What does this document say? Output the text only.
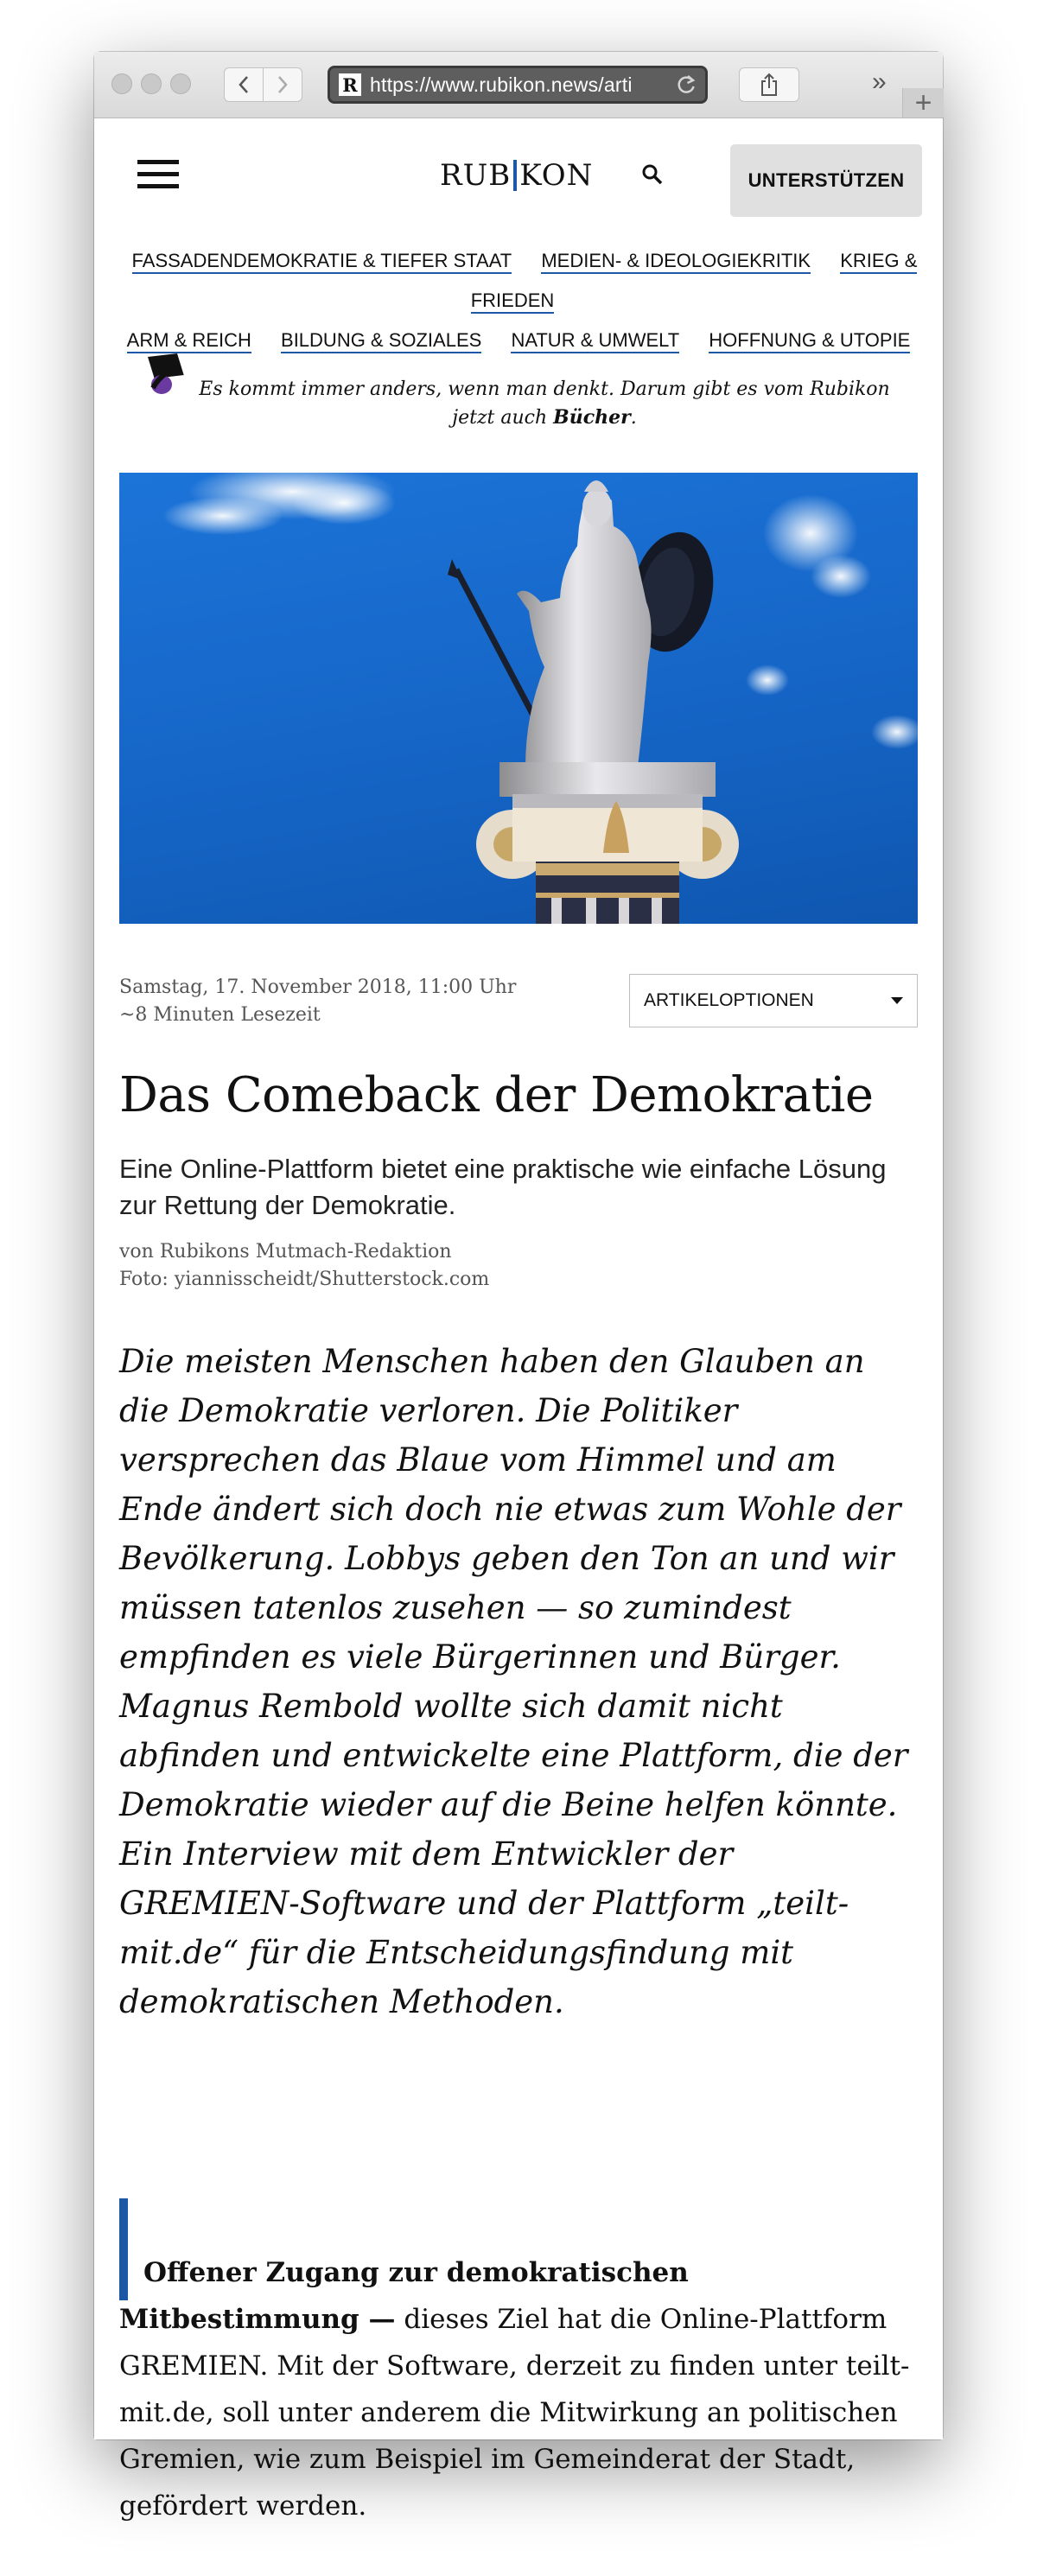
R https://www.rubikon.news/arti	»
+
RUB KON	UNTERSTÜTZEN
FASSADENDEMOKRATIE & TIEFER STAAT MEDIEN- & IDEOLOGIEKRITIK KRIEG & FRIEDEN
ARM & REICH BILDUNG & SOZIALES NATUR & UMWELT HOFFNUNG & UTOPIE
Es kommt immer anders, wenn man denkt. Darum gibt es vom Rubikon jetzt auch Bücher.
Samstag, 17. November 2018, 11:00 Uhr
~8 Minuten Lesezeit
ARTIKELOPTIONEN
Das Comeback der Demokratie
Eine Online-Plattform bietet eine praktische wie einfache Lösung zur Rettung der Demokratie.
von Rubikons Mutmach-Redaktion
Foto: yiannisscheidt/Shutterstock.com

Die meisten Menschen haben den Glauben an die Demokratie verloren. Die Politiker versprechen das Blaue vom Himmel und am Ende ändert sich doch nie etwas zum Wohle der Bevölkerung. Lobbys geben den Ton an und wir müssen tatenlos zusehen — so zumindest empfinden es viele Bürgerinnen und Bürger. Magnus Rembold wollte sich damit nicht abfinden und entwickelte eine Plattform, die der Demokratie wieder auf die Beine helfen könnte. Ein Interview mit dem Entwickler der GREMIEN-Software und der Plattform „teilt-mit.de“ für die Entscheidungsfindung mit demokratischen Methoden.

Offener Zugang zur demokratischen Mitbestimmung — dieses Ziel hat die Online-Plattform GREMIEN. Mit der Software, derzeit zu finden unter teilt-mit.de, soll unter anderem die Mitwirkung an politischen Gremien, wie zum Beispiel im Gemeinderat der Stadt, gefördert werden.
